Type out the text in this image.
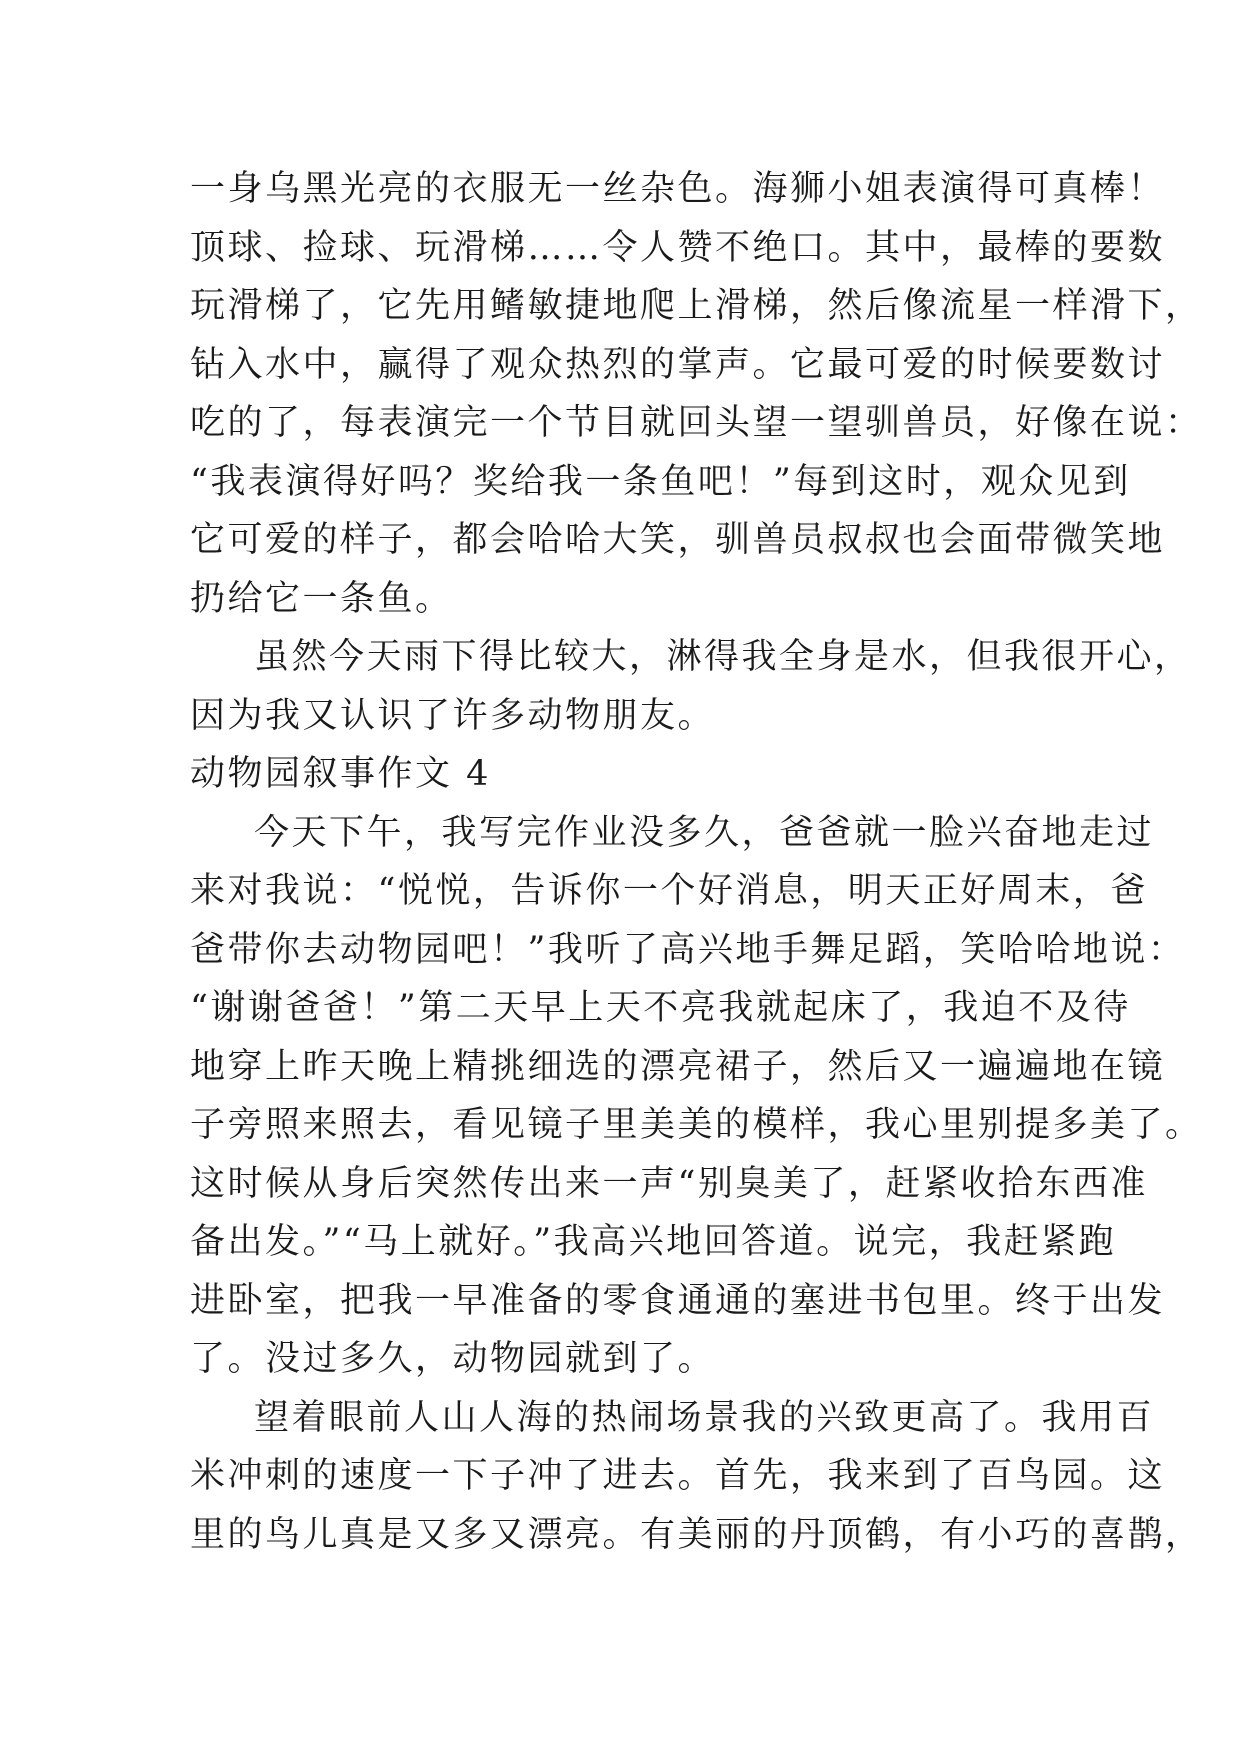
一身乌黑光亮的衣服无一丝杂色。海狮小姐表演得可真棒！
顶球、捡球、玩滑梯……令人赞不绝口。其中，最棒的要数
玩滑梯了，它先用鳍敏捷地爬上滑梯，然后像流星一样滑下，
钻入水中，赢得了观众热烈的掌声。它最可爱的时候要数讨
吃的了，每表演完一个节目就回头望一望驯兽员，好像在说：
“我表演得好吗？奖给我一条鱼吧！”每到这时，观众见到
它可爱的样子，都会哈哈大笑，驯兽员叔叔也会面带微笑地
扔给它一条鱼。
虽然今天雨下得比较大，淋得我全身是水，但我很开心，
因为我又认识了许多动物朋友。
动物园叙事作文 4
今天下午，我写完作业没多久，爸爸就一脸兴奋地走过
来对我说：“悦悦，告诉你一个好消息，明天正好周末，爸
爸带你去动物园吧！”我听了高兴地手舞足蹈，笑哈哈地说：
“谢谢爸爸！”第二天早上天不亮我就起床了，我迫不及待
地穿上昨天晚上精挑细选的漂亮裙子，然后又一遍遍地在镜
子旁照来照去，看见镜子里美美的模样，我心里别提多美了。
这时候从身后突然传出来一声“别臭美了，赶紧收拾东西准
备出发。”“马上就好。”我高兴地回答道。说完，我赶紧跑
进卧室，把我一早准备的零食通通的塞进书包里。终于出发
了。没过多久，动物园就到了。
望着眼前人山人海的热闹场景我的兴致更高了。我用百
米冲刺的速度一下子冲了进去。首先，我来到了百鸟园。这
里的鸟儿真是又多又漂亮。有美丽的丹顶鹤，有小巧的喜鹊，
